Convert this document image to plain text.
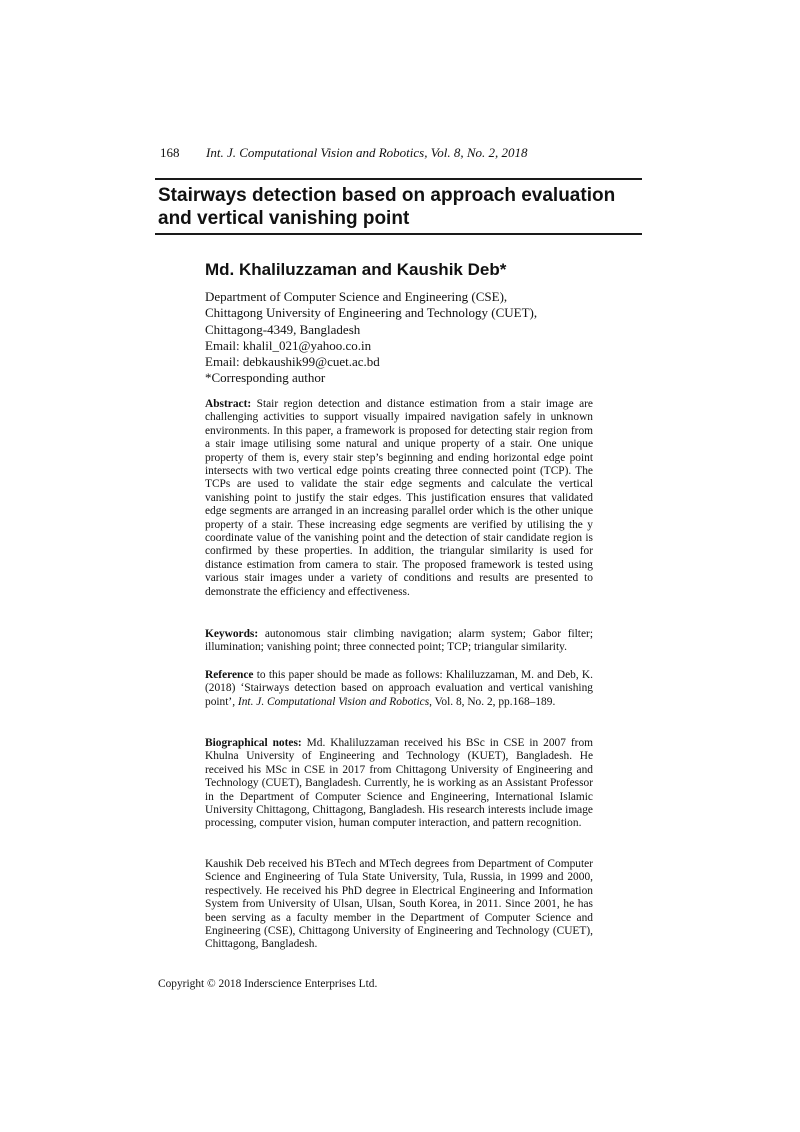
168 Int. J. Computational Vision and Robotics, Vol. 8, No. 2, 2018
Stairways detection based on approach evaluation
and vertical vanishing point
Md. Khaliluzzaman and Kaushik Deb*
Department of Computer Science and Engineering (CSE),
Chittagong University of Engineering and Technology (CUET),
Chittagong-4349, Bangladesh
Email: khalil_021@yahoo.co.in
Email: debkaushik99@cuet.ac.bd
*Corresponding author

Abstract: Stair region detection and distance estimation from a stair image are challenging activities to support visually impaired navigation safely in unknown environments. In this paper, a framework is proposed for detecting stair region from a stair image utilising some natural and unique property of a stair. One unique property of them is, every stair step’s beginning and ending horizontal edge point intersects with two vertical edge points creating three connected point (TCP). The TCPs are used to validate the stair edge segments and calculate the vertical vanishing point to justify the stair edges. This justification ensures that validated edge segments are arranged in an increasing parallel order which is the other unique property of a stair. These increasing edge segments are verified by utilising the y coordinate value of the vanishing point and the detection of stair candidate region is confirmed by these properties. In addition, the triangular similarity is used for distance estimation from camera to stair. The proposed framework is tested using various stair images under a variety of conditions and results are presented to demonstrate the efficiency and effectiveness.

Keywords: autonomous stair climbing navigation; alarm system; Gabor filter; illumination; vanishing point; three connected point; TCP; triangular similarity.

Reference to this paper should be made as follows: Khaliluzzaman, M. and Deb, K. (2018) ‘Stairways detection based on approach evaluation and vertical vanishing point’, Int. J. Computational Vision and Robotics, Vol. 8, No. 2, pp.168–189.

Biographical notes: Md. Khaliluzzaman received his BSc in CSE in 2007 from Khulna University of Engineering and Technology (KUET), Bangladesh. He received his MSc in CSE in 2017 from Chittagong University of Engineering and Technology (CUET), Bangladesh. Currently, he is working as an Assistant Professor in the Department of Computer Science and Engineering, International Islamic University Chittagong, Chittagong, Bangladesh. His research interests include image processing, computer vision, human computer interaction, and pattern recognition.

Kaushik Deb received his BTech and MTech degrees from Department of Computer Science and Engineering of Tula State University, Tula, Russia, in 1999 and 2000, respectively. He received his PhD degree in Electrical Engineering and Information System from University of Ulsan, Ulsan, South Korea, in 2011. Since 2001, he has been serving as a faculty member in the Department of Computer Science and Engineering (CSE), Chittagong University of Engineering and Technology (CUET), Chittagong, Bangladesh.

Copyright © 2018 Inderscience Enterprises Ltd.
